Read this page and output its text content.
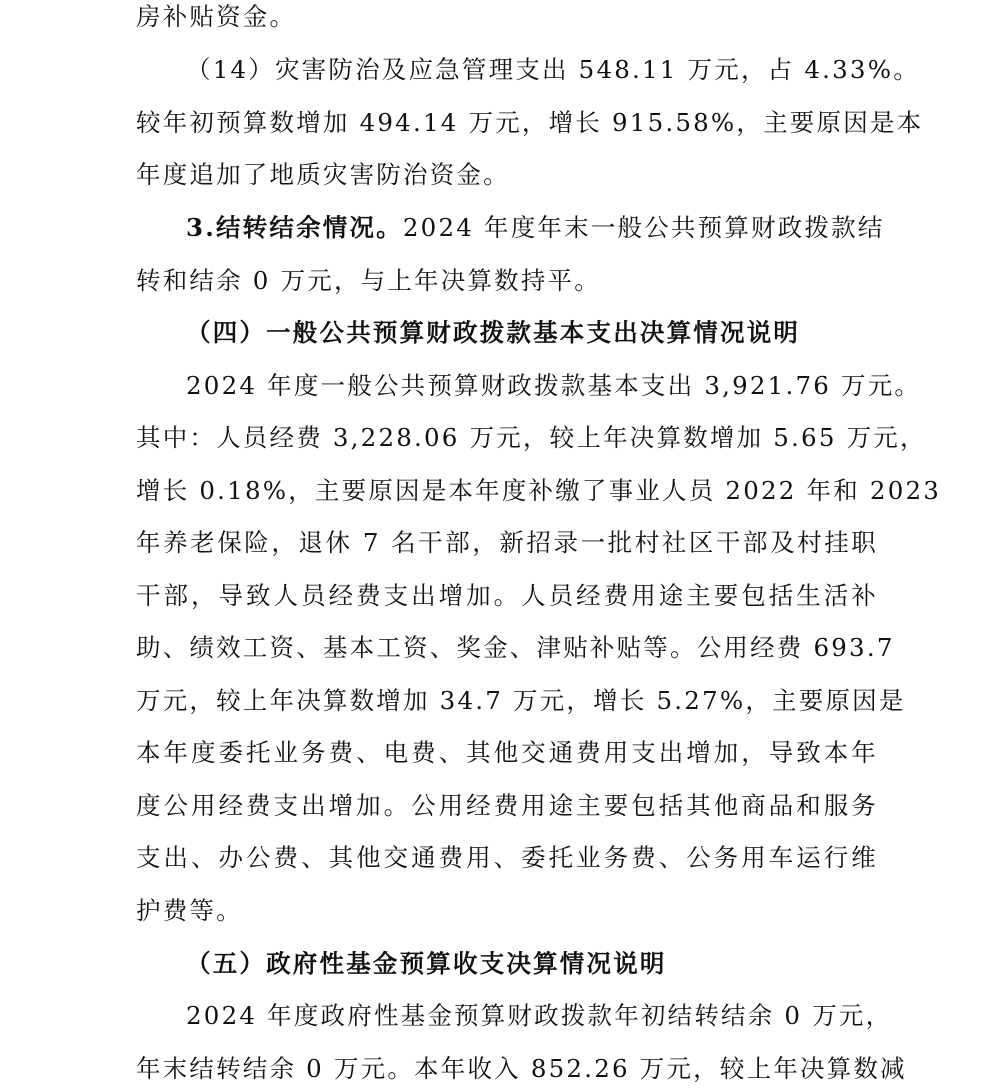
房补贴资金。
（14）灾害防治及应急管理支出 548.11 万元，占 4.33%。
较年初预算数增加 494.14 万元，增长 915.58%，主要原因是本
年度追加了地质灾害防治资金。
3.结转结余情况。2024 年度年末一般公共预算财政拨款结
转和结余 0 万元，与上年决算数持平。
（四）一般公共预算财政拨款基本支出决算情况说明
2024 年度一般公共预算财政拨款基本支出 3,921.76 万元。
其中：人员经费 3,228.06 万元，较上年决算数增加 5.65 万元，
增长 0.18%，主要原因是本年度补缴了事业人员 2022 年和 2023
年养老保险，退休 7 名干部，新招录一批村社区干部及村挂职
干部，导致人员经费支出增加。人员经费用途主要包括生活补
助、绩效工资、基本工资、奖金、津贴补贴等。公用经费 693.7
万元，较上年决算数增加 34.7 万元，增长 5.27%，主要原因是
本年度委托业务费、电费、其他交通费用支出增加，导致本年
度公用经费支出增加。公用经费用途主要包括其他商品和服务
支出、办公费、其他交通费用、委托业务费、公务用车运行维
护费等。
（五）政府性基金预算收支决算情况说明
2024 年度政府性基金预算财政拨款年初结转结余 0 万元，
年末结转结余 0 万元。本年收入 852.26 万元，较上年决算数减
